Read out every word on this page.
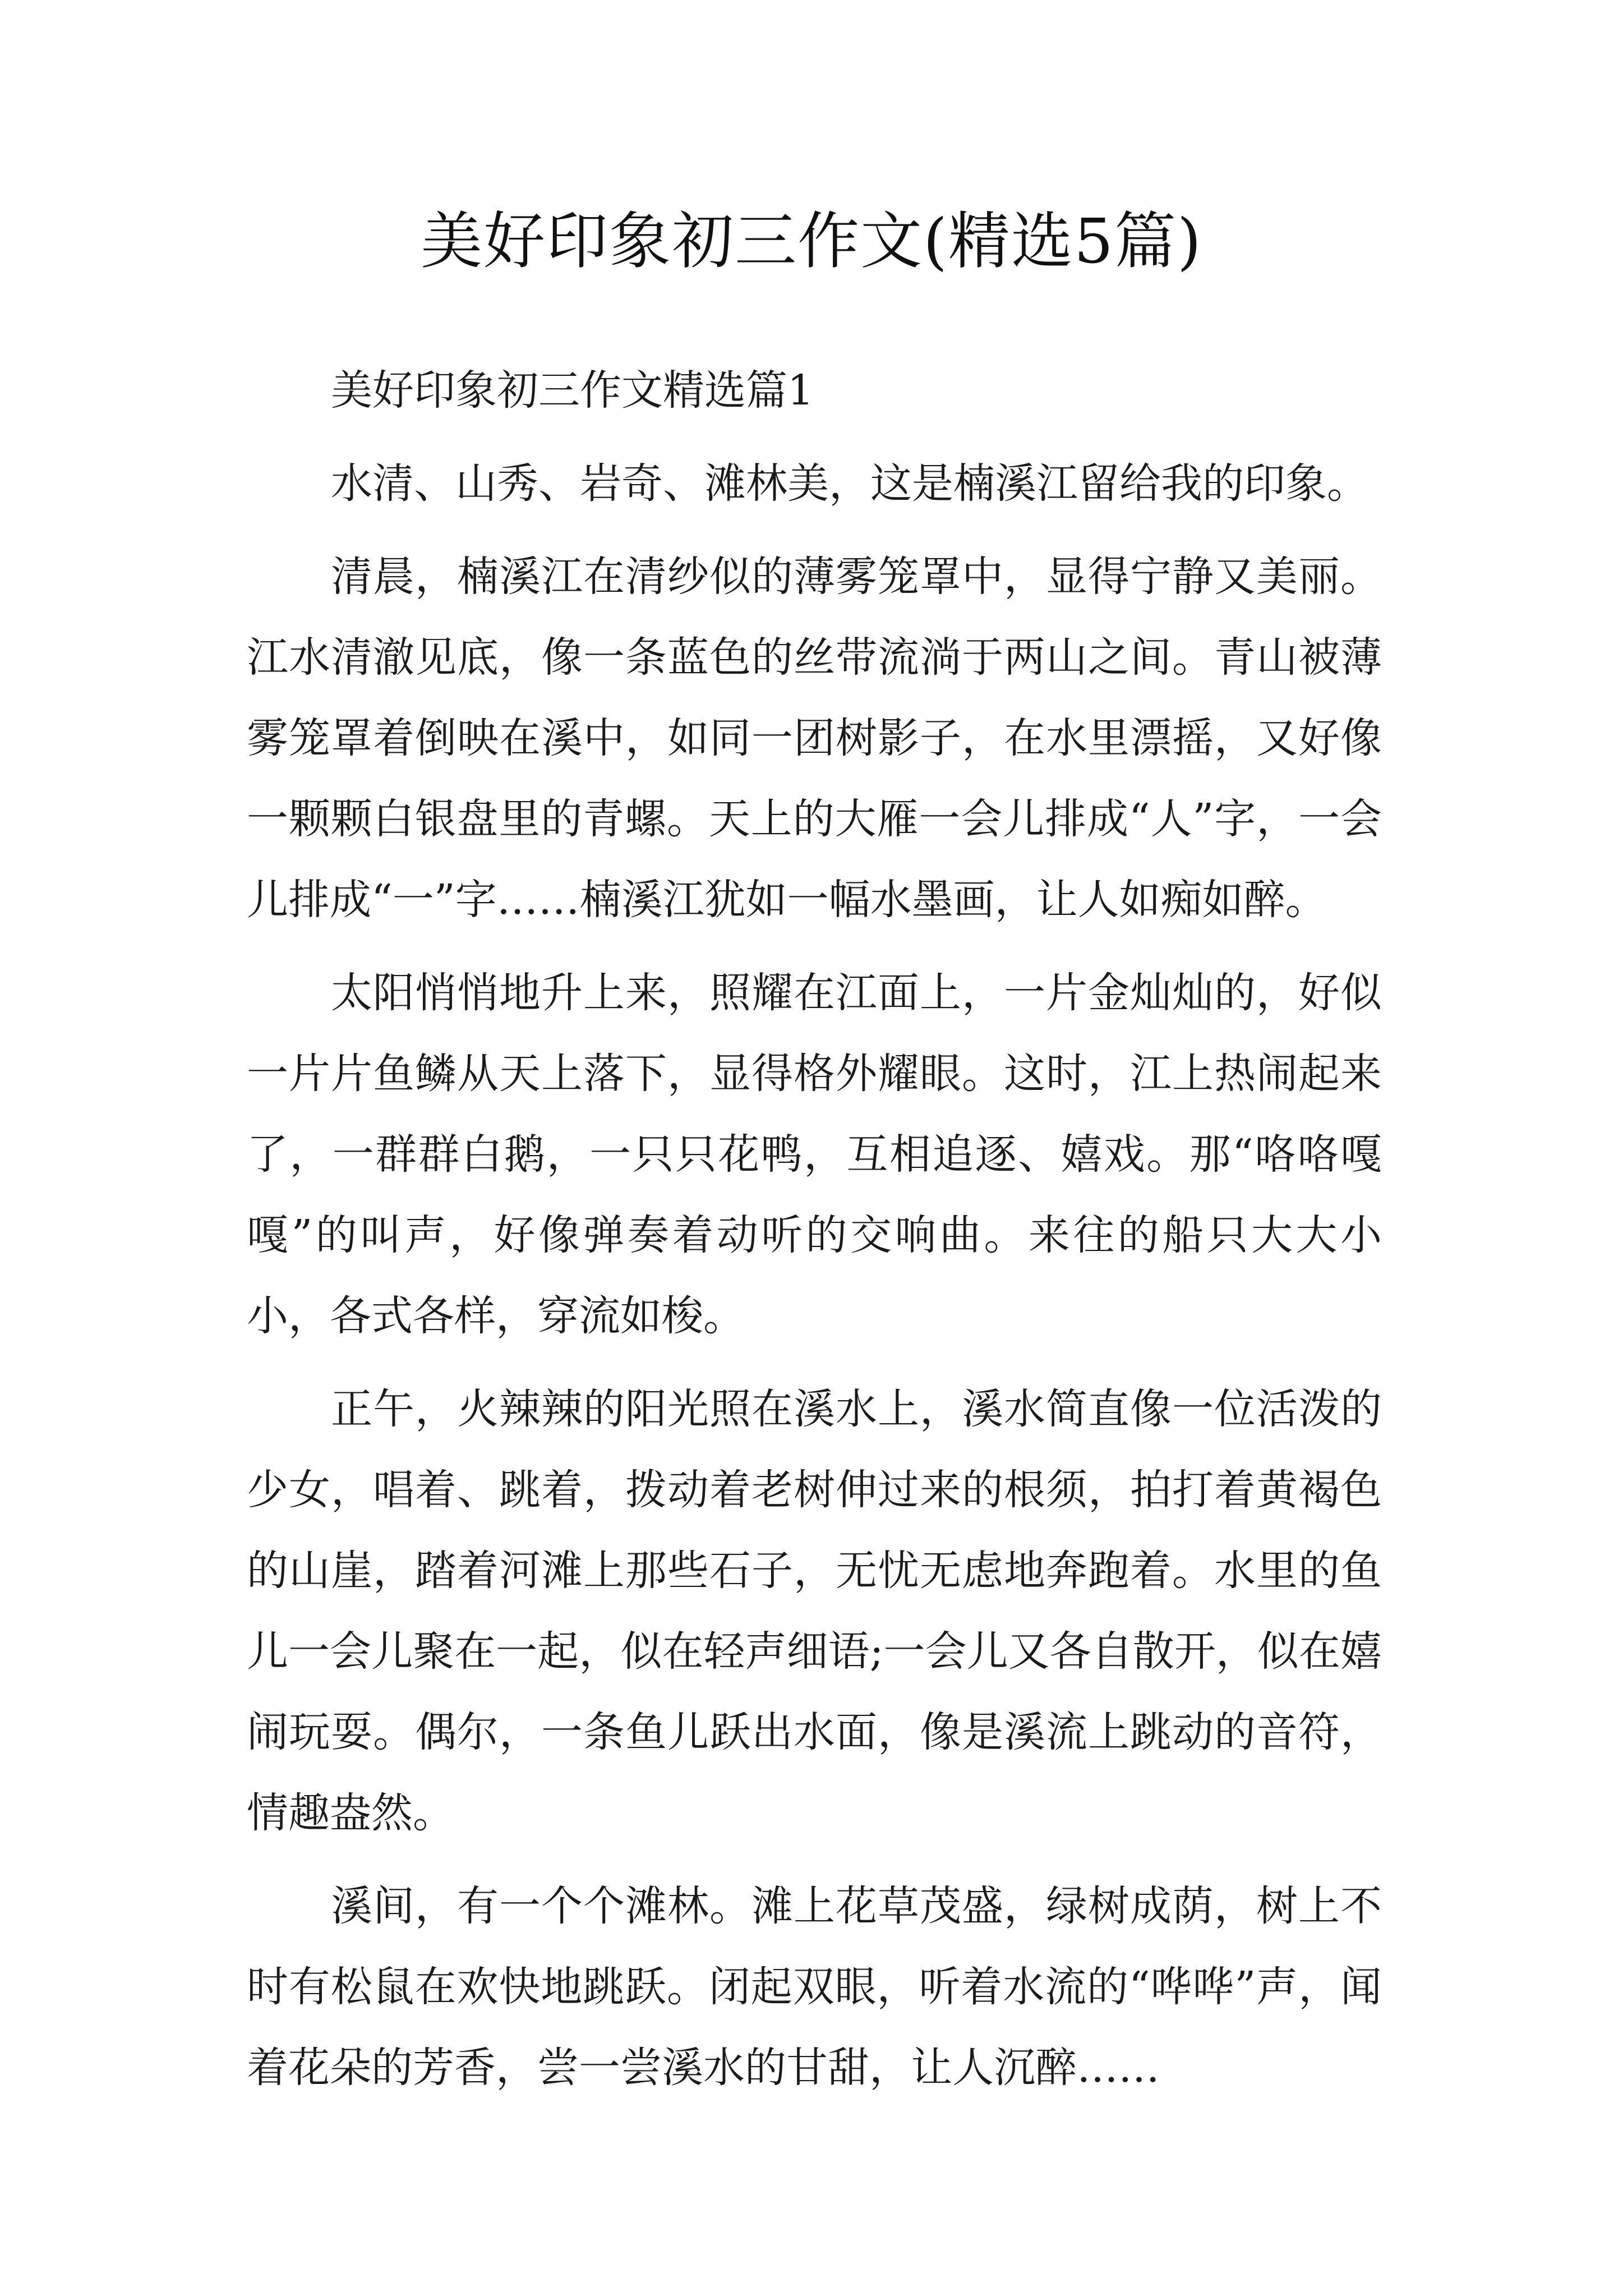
美好印象初三作文(精选5篇)

美好印象初三作文精选篇1

水清、山秀、岩奇、滩林美，这是楠溪江留给我的印象。

清晨，楠溪江在清纱似的薄雾笼罩中，显得宁静又美丽。江水清澈见底，像一条蓝色的丝带流淌于两山之间。青山被薄雾笼罩着倒映在溪中，如同一团树影子，在水里漂摇，又好像一颗颗白银盘里的青螺。天上的大雁一会儿排成“人”字，一会儿排成“一”字……楠溪江犹如一幅水墨画，让人如痴如醉。

太阳悄悄地升上来，照耀在江面上，一片金灿灿的，好似一片片鱼鳞从天上落下，显得格外耀眼。这时，江上热闹起来了，一群群白鹅，一只只花鸭，互相追逐、嬉戏。那“咯咯嘎嘎”的叫声，好像弹奏着动听的交响曲。来往的船只大大小小，各式各样，穿流如梭。

正午，火辣辣的阳光照在溪水上，溪水简直像一位活泼的少女，唱着、跳着，拨动着老树伸过来的根须，拍打着黄褐色的山崖，踏着河滩上那些石子，无忧无虑地奔跑着。水里的鱼儿一会儿聚在一起，似在轻声细语;一会儿又各自散开，似在嬉闹玩耍。偶尔，一条鱼儿跃出水面，像是溪流上跳动的音符，情趣盎然。

溪间，有一个个滩林。滩上花草茂盛，绿树成荫，树上不时有松鼠在欢快地跳跃。闭起双眼，听着水流的“哗哗”声，闻着花朵的芳香，尝一尝溪水的甘甜，让人沉醉……
